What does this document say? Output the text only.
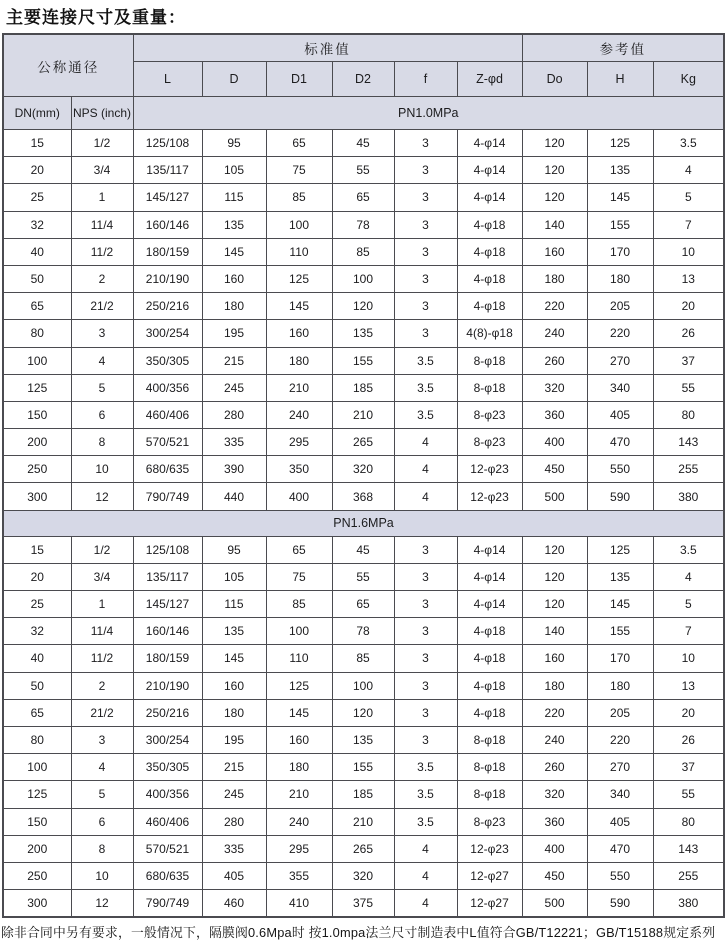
主要连接尺寸及重量：
公称通径		标准值						参考值		
		L	D	D1	D2	f	Z-φd	Do	H	Kg
DN(mm)	NPS (inch)	PN1.0MPa								
15	1/2	125/108	95	65	45	3	4-φ14	120	125	3.5
20	3/4	135/117	105	75	55	3	4-φ14	120	135	4
25	1	145/127	115	85	65	3	4-φ14	120	145	5
32	11/4	160/146	135	100	78	3	4-φ18	140	155	7
40	11/2	180/159	145	110	85	3	4-φ18	160	170	10
50	2	210/190	160	125	100	3	4-φ18	180	180	13
65	21/2	250/216	180	145	120	3	4-φ18	220	205	20
80	3	300/254	195	160	135	3	4(8)-φ18	240	220	26
100	4	350/305	215	180	155	3.5	8-φ18	260	270	37
125	5	400/356	245	210	185	3.5	8-φ18	320	340	55
150	6	460/406	280	240	210	3.5	8-φ23	360	405	80
200	8	570/521	335	295	265	4	8-φ23	400	470	143
250	10	680/635	390	350	320	4	12-φ23	450	550	255
300	12	790/749	440	400	368	4	12-φ23	500	590	380
PN1.6MPa										
15	1/2	125/108	95	65	45	3	4-φ14	120	125	3.5
20	3/4	135/117	105	75	55	3	4-φ14	120	135	4
25	1	145/127	115	85	65	3	4-φ14	120	145	5
32	11/4	160/146	135	100	78	3	4-φ18	140	155	7
40	11/2	180/159	145	110	85	3	4-φ18	160	170	10
50	2	210/190	160	125	100	3	4-φ18	180	180	13
65	21/2	250/216	180	145	120	3	4-φ18	220	205	20
80	3	300/254	195	160	135	3	8-φ18	240	220	26
100	4	350/305	215	180	155	3.5	8-φ18	260	270	37
125	5	400/356	245	210	185	3.5	8-φ18	320	340	55
150	6	460/406	280	240	210	3.5	8-φ23	360	405	80
200	8	570/521	335	295	265	4	12-φ23	400	470	143
250	10	680/635	405	355	320	4	12-φ27	450	550	255
300	12	790/749	460	410	375	4	12-φ27	500	590	380
除非合同中另有要求，一般情况下，隔膜阀0.6Mpa时 按1.0mpa法兰尺寸制造表中L值符合GB/T12221；GB/T15188规定系列
